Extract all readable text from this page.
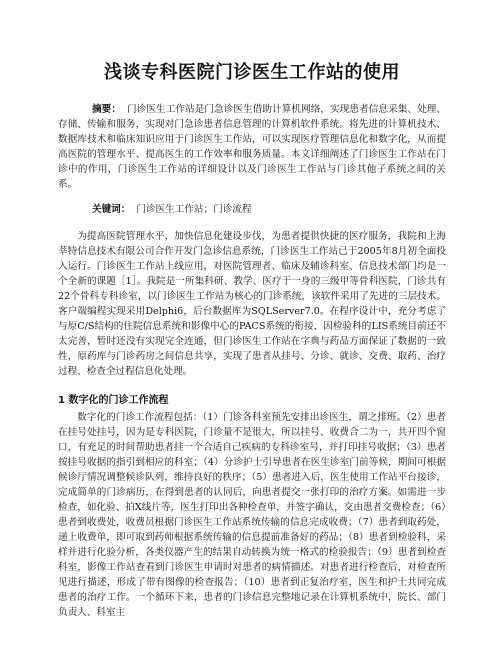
浅谈专科医院门诊医生工作站的使用

摘要： 门诊医生工作站是门急诊医生借助计算机网络，实现患者信息采集、处理、存储、传输和服务，实现对门急诊患者信息管理的计算机软件系统。将先进的计算机技术、数据库技术和临床知识应用于门诊医生工作站，可以实现医疗管理信息化和数字化，从而提高医院的管理水平、提高医生的工作效率和服务质量。本文详细阐述了门诊医生工作站在门诊中的作用，门诊医生工作站的详细设计以及门诊医生工作站与门诊其他子系统之间的关系。

关键词： 门诊医生工作站；门诊流程

为提高医院管理水平，加快信息化建设步伐，为患者提供快捷的医疗服务，我院和上海莘特信息技术有限公司合作开发门急诊信息系统，门诊医生工作站已于2005年8月初全面投入运行。门诊医生工作站上线应用，对医院管理者、临床及辅诊科室、信息技术部门均是一个全新的课题［1］。我院是一所集科研、教学、医疗于一身的三级甲等骨科医院，门诊共有22个骨科专科诊室，以门诊医生工作站为核心的门诊系统，该软件采用了先进的三层技术。客户端编程实现采用Delphi6，后台数据库为SQLServer7.0。在程序设计中，充分考虑了与原C/S结构的住院信息系统和影像中心的PACS系统的衔接，因检验科的LIS系统目前还不太完善，暂时还没有实现完全连通，但门诊医生工作站在字典与药品方面保证了数据的一致性，原药库与门诊药房之间信息共享，实现了患者从挂号、分诊、就诊、交费、取药、治疗过程、检查全过程信息化处理。

1 数字化的门诊工作流程

数字化的门诊工作流程包括：（1）门诊各科室预先安排出诊医生，谓之排班。（2）患者在挂号处挂号，因为是专科医院，门诊量不是很大，所以挂号、收费合二为一，共开四个窗口，有充足的时间帮助患者挂一个合适自己疾病的专科诊室号，并打印挂号收据；（3）患者按挂号收据的指引到相应的科室；（4）分诊护士引导患者在医生诊室门前等候，期间可根据候诊厅情况调整候诊队列，维持良好的秩序；（5）患者进入后，医生使用工作站平台接诊，完成简单的门诊病历，在得到患者的认同后，向患者提交一张打印的治疗方案。如需进一步检查，如化验、拍X线片等，医生打印出各种检查单，并签字确认，交由患者交费检查；（6）患者到收费处，收费员根据门诊医生工作站系统传输的信息完成收费；（7）患者到取药处，递上收费单，即可取到药师根据系统传输的信息提前准备好的药品；（8）患者到检验科，采样并进行化验分析，各类仪器产生的结果自动转换为统一格式的检验报告；（9）患者到检查科室，影像工作站查看到门诊医生申请时对患者的病情描述。对患者进行检查后，对检查所见进行描述，形成了带有图像的检查报告；（10）患者到正复治疗室，医生和护士共同完成患者的治疗工作。一个循环下来，患者的门诊信息完整地记录在计算机系统中，院长、部门负责人、科室主
